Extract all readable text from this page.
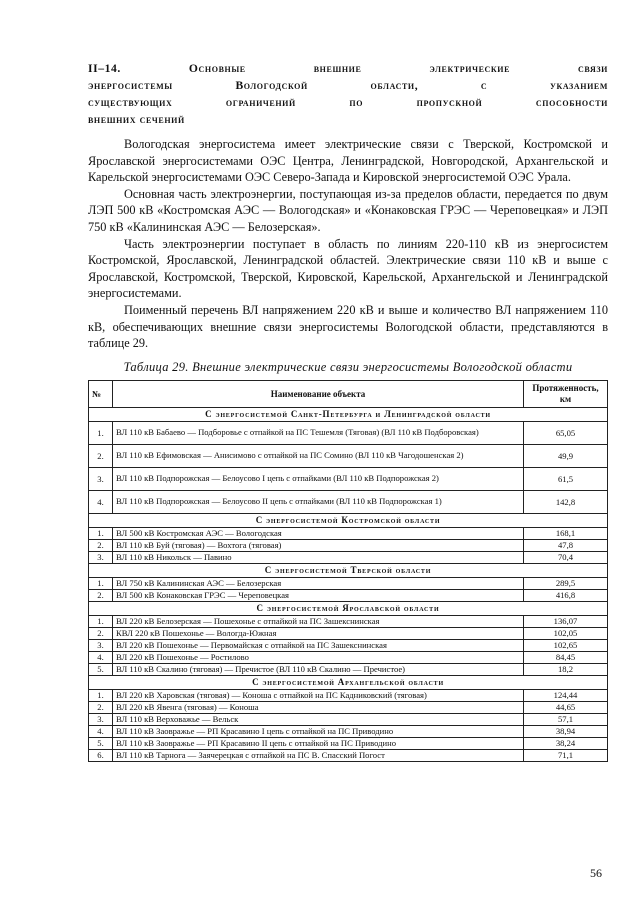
II–14. Основные внешние электрические связи
энергосистемы Вологодской области, с указанием
существующих ограничений по пропускной способности
внешних сечений

Вологодская энергосистема имеет электрические связи с Тверской, Костромской и Ярославской энергосистемами ОЭС Центра, Ленинградской, Новгородской, Архангельской и Карельской энергосистемами ОЭС Северо-Запада и Кировской энергосистемой ОЭС Урала.

Основная часть электроэнергии, поступающая из-за пределов области, передается по двум ЛЭП 500 кВ «Костромская АЭС — Вологодская» и «Конаковская ГРЭС — Череповецкая» и ЛЭП 750 кВ «Калининская АЭС — Белозерская».

Часть электроэнергии поступает в область по линиям 220-110 кВ из энергосистем Костромской, Ярославской, Ленинградской областей. Электрические связи 110 кВ и выше с Ярославской, Костромской, Тверской, Кировской, Карельской, Архангельской и Ленинградской энергосистемами.

Поименный перечень ВЛ напряжением 220 кВ и выше и количество ВЛ напряжением 110 кВ, обеспечивающих внешние связи энергосистемы Вологодской области, представляются в таблице 29.

Таблица 29. Внешние электрические связи энергосистемы Вологодской области
№	Наименование объекта	Протяженность, км
С энергосистемой Санкт-Петербурга и Ленинградской области		
1.	ВЛ 110 кВ Бабаево — Подборовье с отпайкой на ПС Тешемля (Тяговая) (ВЛ 110 кВ Подборовская)	65,05
2.	ВЛ 110 кВ Ефимовская — Анисимово с отпайкой на ПС Сомино (ВЛ 110 кВ Чагодошенская 2)	49,9
3.	ВЛ 110 кВ Подпорожская — Белоусово I цепь с отпайками (ВЛ 110 кВ Подпорожская 2)	61,5
4.	ВЛ 110 кВ Подпорожская — Белоусово II цепь с отпайками (ВЛ 110 кВ Подпорожская 1)	142,8
С энергосистемой Костромской области		
1.	ВЛ 500 кВ Костромская АЭС — Вологодская	168,1
2.	ВЛ 110 кВ Буй (тяговая) — Вохтога (тяговая)	47,8
3.	ВЛ 110 кВ Никольск — Павино	70,4
С энергосистемой Тверской области		
1.	ВЛ 750 кВ Калининская АЭС — Белозерская	289,5
2.	ВЛ 500 кВ Конаковская ГРЭС — Череповецкая	416,8
С энергосистемой Ярославской области		
1.	ВЛ 220 кВ Белозерская — Пошехонье с отпайкой на ПС Зашекснинская	136,07
2.	КВЛ 220 кВ Пошехонье — Вологда-Южная	102,05
3.	ВЛ 220 кВ Пошехонье — Первомайская с отпайкой на ПС Зашекснинская	102,65
4.	ВЛ 220 кВ Пошехонье — Ростилово	84,45
5.	ВЛ 110 кВ Скалино (тяговая) — Пречистое (ВЛ 110 кВ Скалино — Пречистое)	18,2
С энергосистемой Архангельской области		
1.	ВЛ 220 кВ Харовская (тяговая) — Коноша с отпайкой на ПС Кадниковский (тяговая)	124,44
2.	ВЛ 220 кВ Явенга (тяговая) — Коноша	44,65
3.	ВЛ 110 кВ Верховажье — Вельск	57,1
4.	ВЛ 110 кВ Заовражье — РП Красавино I цепь с отпайкой на ПС Приводино	38,94
5.	ВЛ 110 кВ Заовражье — РП Красавино II цепь с отпайкой на ПС Приводино	38,24
6.	ВЛ 110 кВ Тарнога — Заячерецкая с отпайкой на ПС В. Спасский Погост	71,1
56
